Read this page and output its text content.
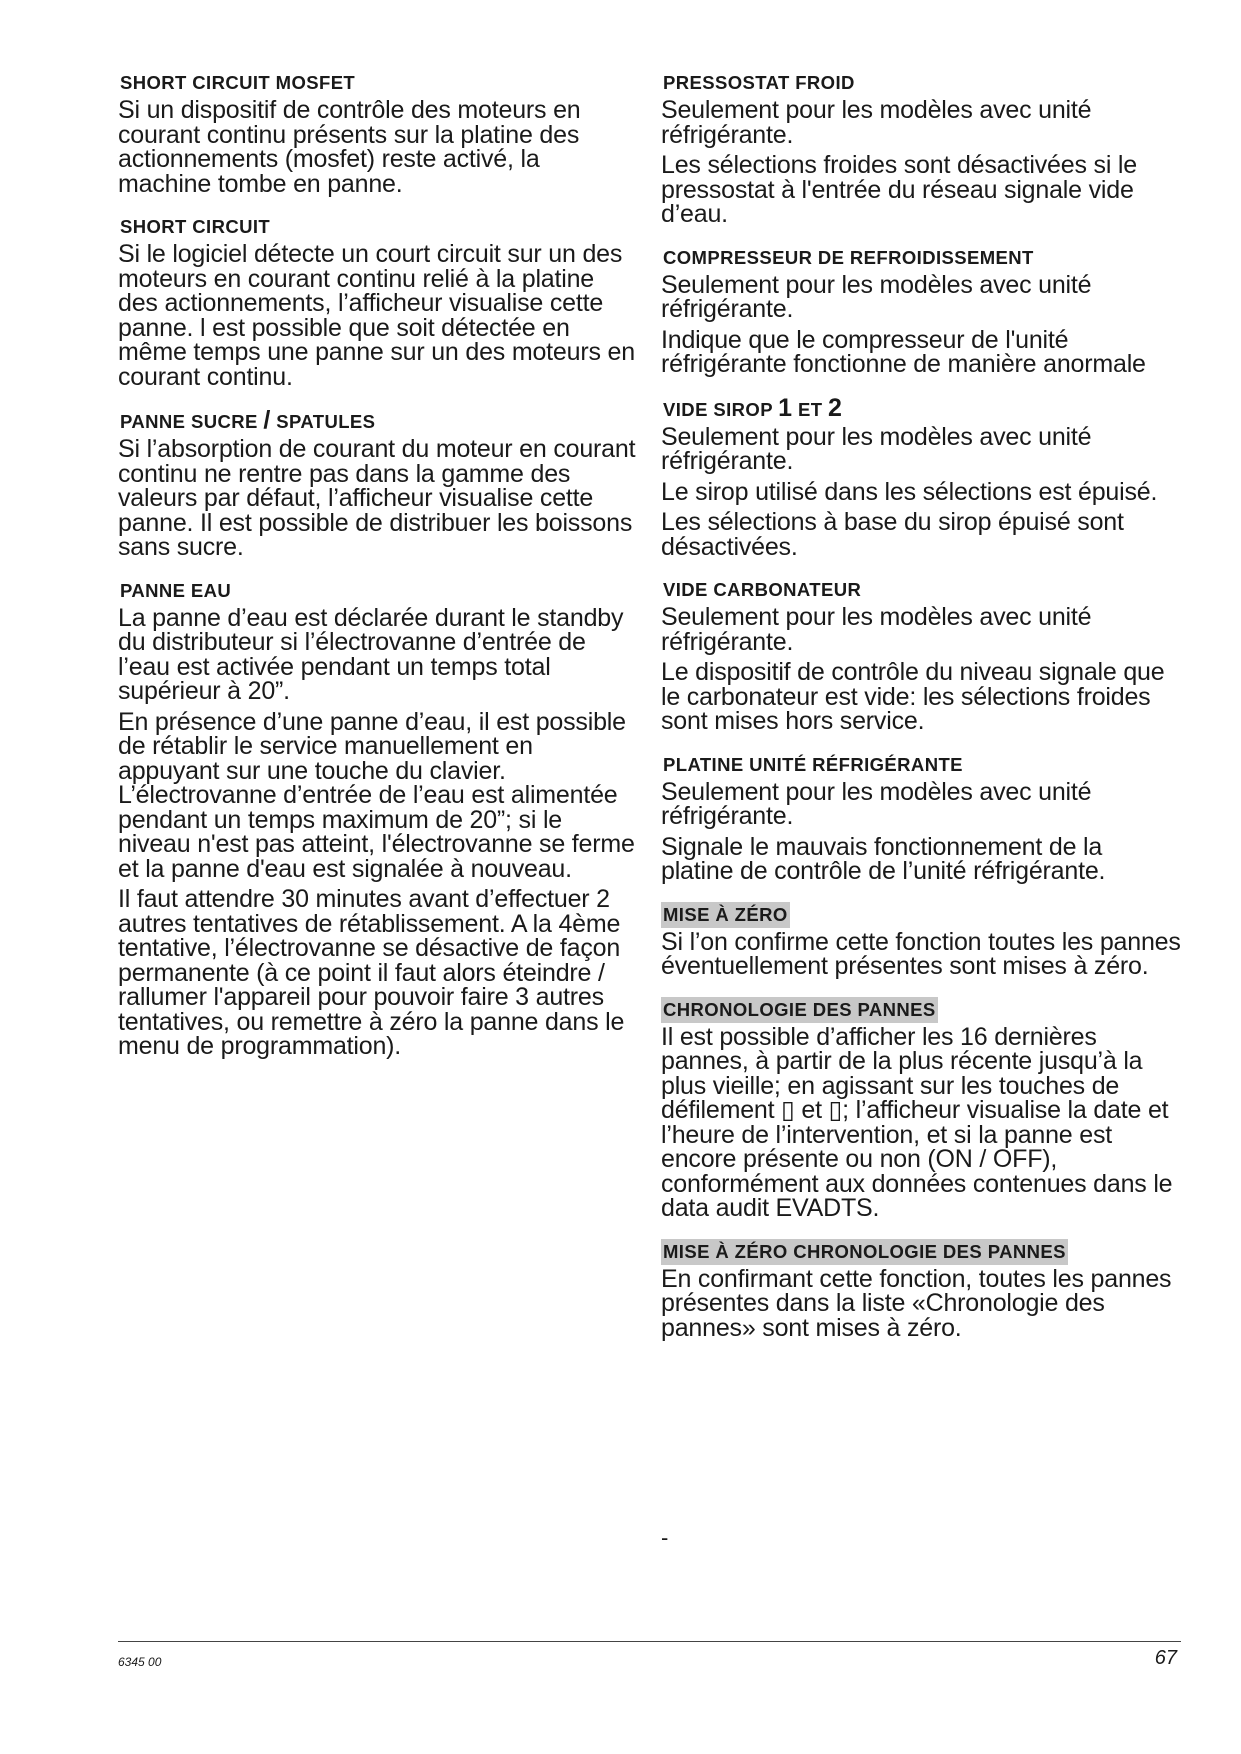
SHORT CIRCUIT MOSFET

Si un dispositif de contrôle des moteurs en courant continu présents sur la platine des actionnements (mosfet) reste activé, la machine tombe en panne.

SHORT CIRCUIT

Si le logiciel détecte un court circuit sur un des moteurs en courant continu relié à la platine des actionnements, l’afficheur visualise cette panne. l est possible que soit détectée en même temps une panne sur un des moteurs en courant continu.

PANNE SUCRE / SPATULES

Si l’absorption de courant du moteur en courant continu ne rentre pas dans la gamme des valeurs par défaut, l’afficheur visualise cette panne. Il est possible de distribuer les boissons sans sucre.

PANNE EAU

La panne d’eau est déclarée durant le standby du distributeur si l’électrovanne d’entrée de l’eau est activée pendant un temps total supérieur à 20”.

En présence d’une panne d’eau, il est possible de rétablir le service manuellement en appuyant sur une touche du clavier. L’électrovanne d’entrée de l’eau est alimentée pendant un temps maximum de 20”; si le niveau n'est pas atteint, l'électrovanne se ferme et la panne d'eau est signalée à nouveau.

Il faut attendre 30 minutes avant d’effectuer 2 autres tentatives de rétablissement. A la 4ème tentative, l’électrovanne se désactive de façon permanente (à ce point il faut alors éteindre / rallumer l'appareil pour pouvoir faire 3 autres tentatives, ou remettre à zéro la panne dans le menu de programmation).

PRESSOSTAT FROID

Seulement pour les modèles avec unité réfrigérante.

Les sélections froides sont désactivées si le pressostat à l'entrée du réseau signale vide d’eau.

COMPRESSEUR DE REFROIDISSEMENT

Seulement pour les modèles avec unité réfrigérante.

Indique que le compresseur de l'unité réfrigérante fonctionne de manière anormale

VIDE SIROP 1 ET 2

Seulement pour les modèles avec unité réfrigérante.

Le sirop utilisé dans les sélections est épuisé.

Les sélections à base du sirop épuisé sont désactivées.

VIDE CARBONATEUR

Seulement pour les modèles avec unité réfrigérante.

Le dispositif de contrôle du niveau signale que le carbonateur est vide: les sélections froides sont mises hors service.

PLATINE UNITÉ RÉFRIGÉRANTE

Seulement pour les modèles avec unité réfrigérante.

Signale le mauvais fonctionnement de la platine de contrôle de l’unité réfrigérante.

MISE À ZÉRO

Si l’on confirme cette fonction toutes les pannes éventuellement présentes sont mises à zéro.

CHRONOLOGIE DES PANNES

Il est possible d’afficher les 16 dernières pannes, à partir de la plus récente jusqu’à la plus vieille; en agissant sur les touches de défilement ▯ et ▯; l’afficheur visualise la date et l’heure de l’intervention, et si la panne est encore présente ou non (ON / OFF), conformément aux données contenues dans le data audit EVADTS.

MISE À ZÉRO CHRONOLOGIE DES PANNES

En confirmant cette fonction, toutes les pannes présentes dans la liste «Chronologie des pannes» sont mises à zéro.

-
6345 00	67
